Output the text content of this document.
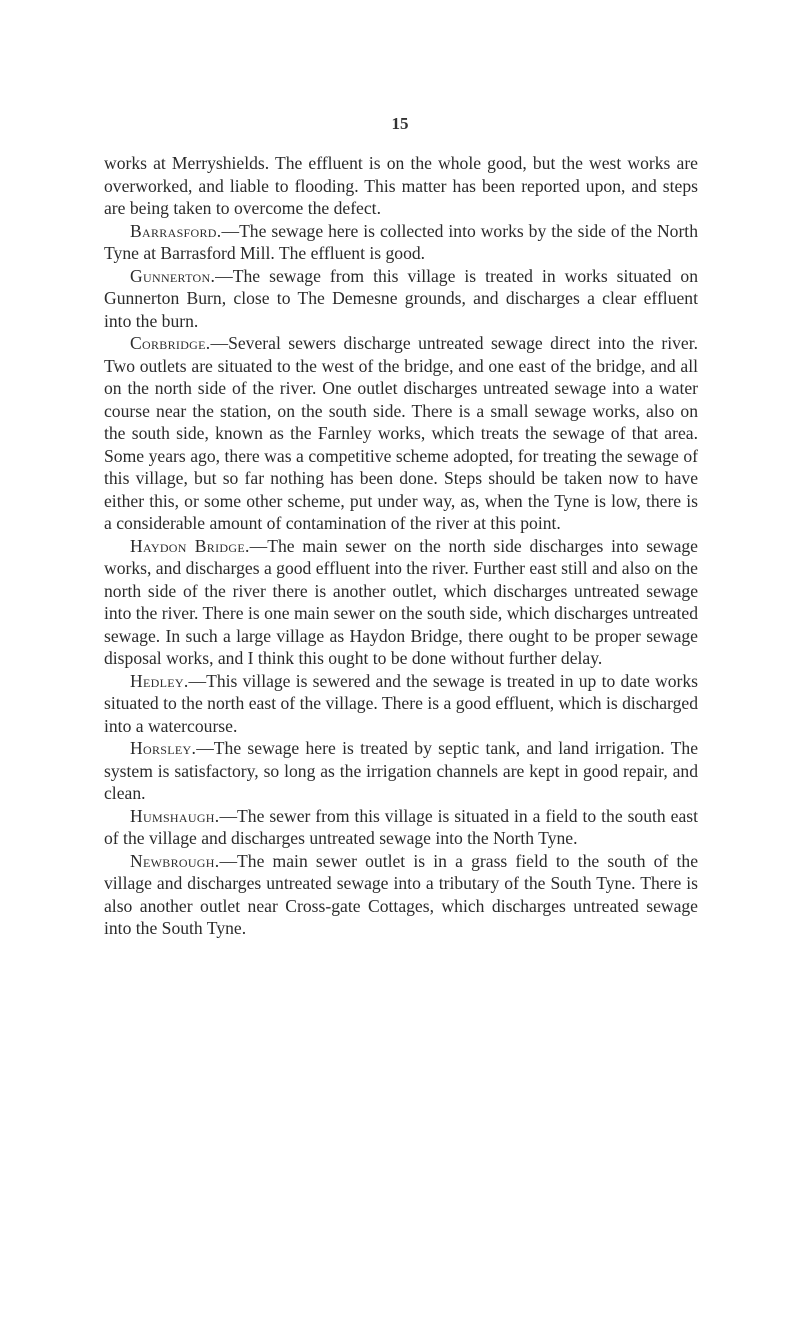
15

works at Merryshields. The effluent is on the whole good, but the west works are overworked, and liable to flooding. This matter has been reported upon, and steps are being taken to overcome the defect.

Barrasford.—The sewage here is collected into works by the side of the North Tyne at Barrasford Mill. The effluent is good.

Gunnerton.—The sewage from this village is treated in works situated on Gunnerton Burn, close to The Demesne grounds, and discharges a clear effluent into the burn.

Corbridge.—Several sewers discharge untreated sewage direct into the river. Two outlets are situated to the west of the bridge, and one east of the bridge, and all on the north side of the river. One outlet discharges untreated sewage into a water course near the station, on the south side. There is a small sewage works, also on the south side, known as the Farnley works, which treats the sewage of that area. Some years ago, there was a competitive scheme adopted, for treating the sewage of this village, but so far nothing has been done. Steps should be taken now to have either this, or some other scheme, put under way, as, when the Tyne is low, there is a considerable amount of contamination of the river at this point.

Haydon Bridge.—The main sewer on the north side discharges into sewage works, and discharges a good effluent into the river. Further east still and also on the north side of the river there is another outlet, which discharges untreated sewage into the river. There is one main sewer on the south side, which discharges untreated sewage. In such a large village as Haydon Bridge, there ought to be proper sewage disposal works, and I think this ought to be done without further delay.

Hedley.—This village is sewered and the sewage is treated in up to date works situated to the north east of the village. There is a good effluent, which is discharged into a watercourse.

Horsley.—The sewage here is treated by septic tank, and land irrigation. The system is satisfactory, so long as the irrigation channels are kept in good repair, and clean.

Humshaugh.—The sewer from this village is situated in a field to the south east of the village and discharges untreated sewage into the North Tyne.

Newbrough.—The main sewer outlet is in a grass field to the south of the village and discharges untreated sewage into a tributary of the South Tyne. There is also another outlet near Cross-gate Cottages, which discharges untreated sewage into the South Tyne.
